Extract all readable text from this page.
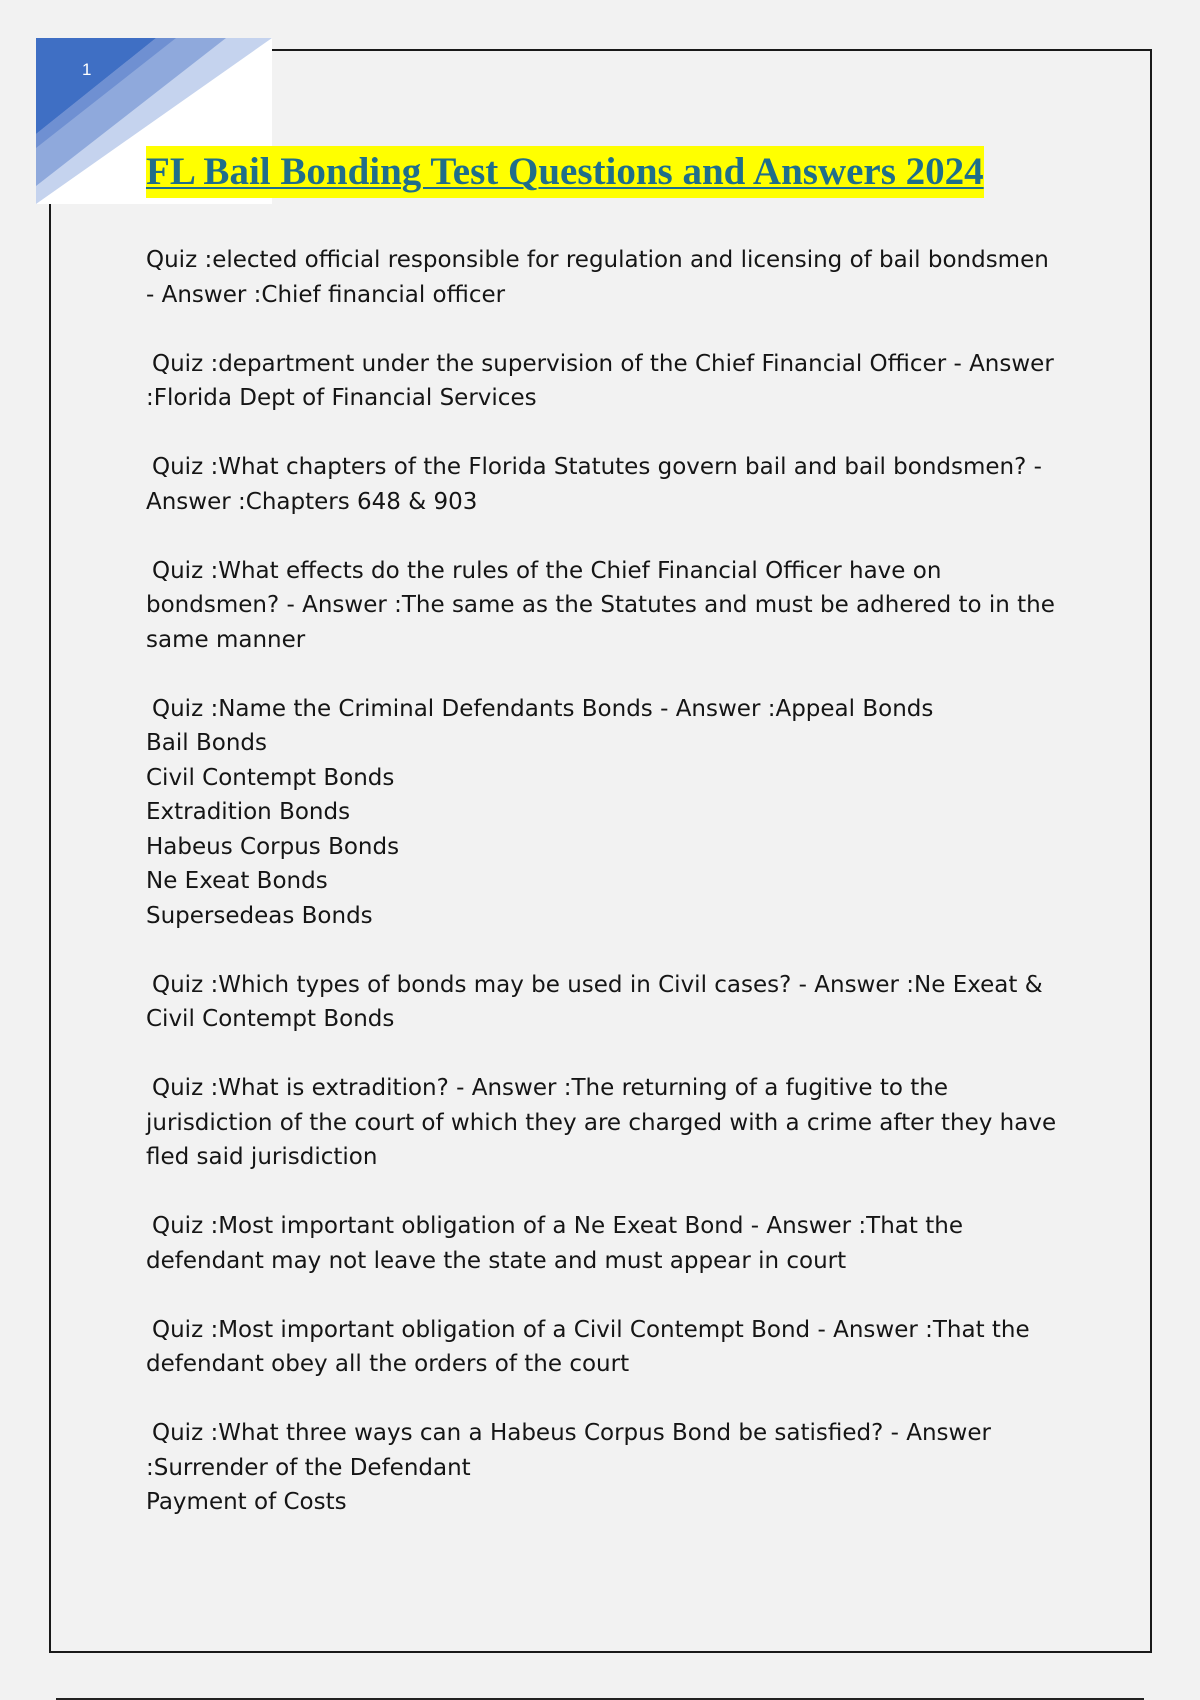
1
FL Bail Bonding Test Questions and Answers 2024

Quiz :elected official responsible for regulation and licensing of bail bondsmen
- Answer :Chief financial officer

Quiz :department under the supervision of the Chief Financial Officer - Answer
:Florida Dept of Financial Services

Quiz :What chapters of the Florida Statutes govern bail and bail bondsmen? -
Answer :Chapters 648 & 903

Quiz :What effects do the rules of the Chief Financial Officer have on
bondsmen? - Answer :The same as the Statutes and must be adhered to in the
same manner

Quiz :Name the Criminal Defendants Bonds - Answer :Appeal Bonds
Bail Bonds
Civil Contempt Bonds
Extradition Bonds
Habeus Corpus Bonds
Ne Exeat Bonds
Supersedeas Bonds

Quiz :Which types of bonds may be used in Civil cases? - Answer :Ne Exeat &
Civil Contempt Bonds

Quiz :What is extradition? - Answer :The returning of a fugitive to the
jurisdiction of the court of which they are charged with a crime after they have
fled said jurisdiction

Quiz :Most important obligation of a Ne Exeat Bond - Answer :That the
defendant may not leave the state and must appear in court

Quiz :Most important obligation of a Civil Contempt Bond - Answer :That the
defendant obey all the orders of the court

Quiz :What three ways can a Habeus Corpus Bond be satisfied? - Answer
:Surrender of the Defendant
Payment of Costs
